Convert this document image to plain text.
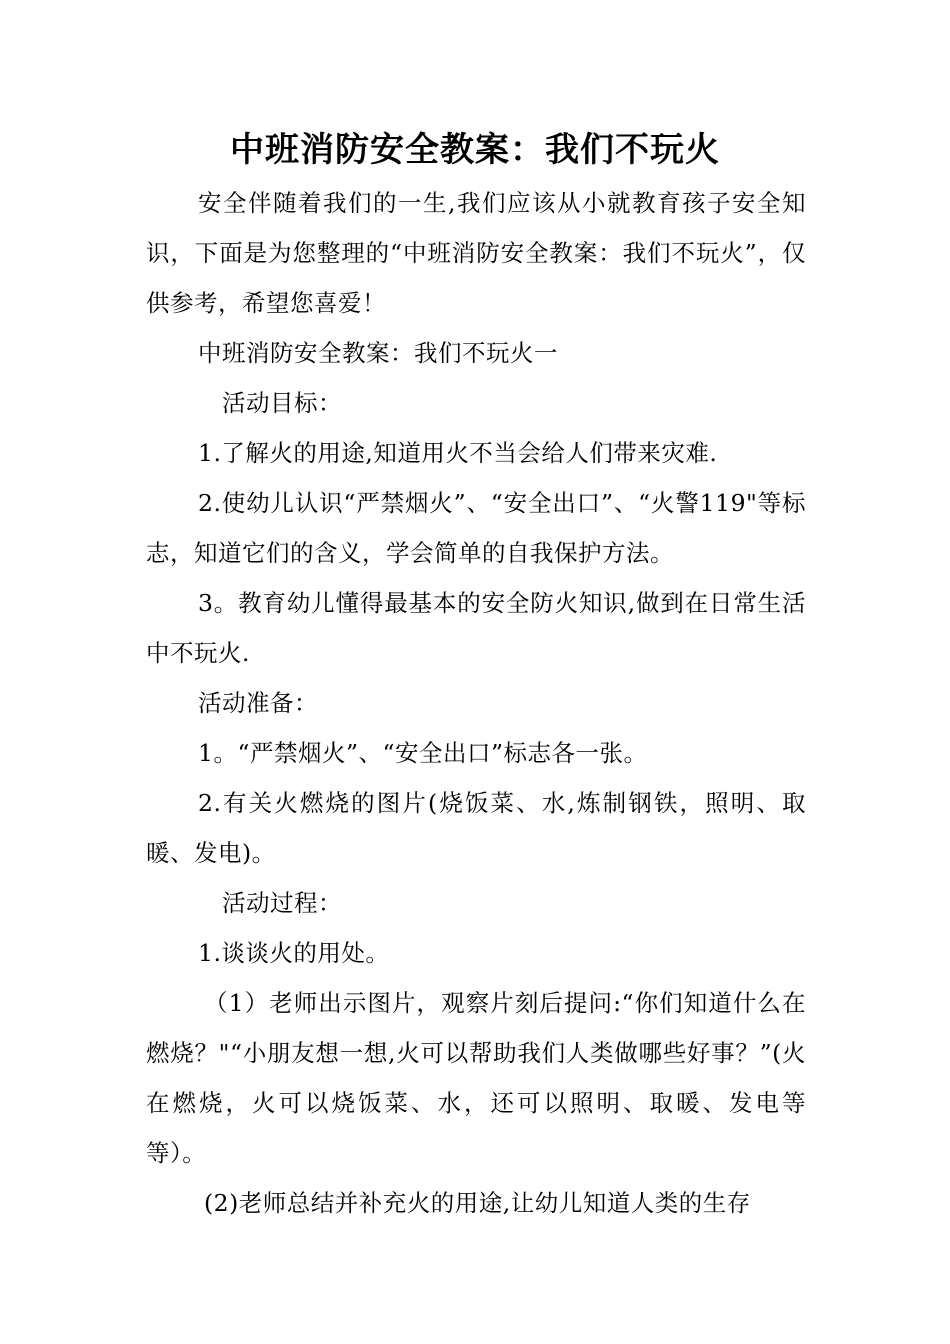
中班消防安全教案：我们不玩火

安全伴随着我们的一生,我们应该从小就教育孩子安全知识，下面是为您整理的“中班消防安全教案：我们不玩火”，仅供参考，希望您喜爱！

中班消防安全教案：我们不玩火一

活动目标：

1.了解火的用途,知道用火不当会给人们带来灾难.

2.使幼儿认识“严禁烟火”、“安全出口”、“火警119"等标志，知道它们的含义，学会简单的自我保护方法。

3。教育幼儿懂得最基本的安全防火知识,做到在日常生活中不玩火.

活动准备：

1。“严禁烟火”、“安全出口”标志各一张。

2.有关火燃烧的图片(烧饭菜、水,炼制钢铁，照明、取暖、发电)。

活动过程：

1.谈谈火的用处。

（1）老师出示图片，观察片刻后提问:“你们知道什么在燃烧？"“小朋友想一想,火可以帮助我们人类做哪些好事？”(火在燃烧，火可以烧饭菜、水，还可以照明、取暖、发电等等）。

(2)老师总结并补充火的用途,让幼儿知道人类的生存
